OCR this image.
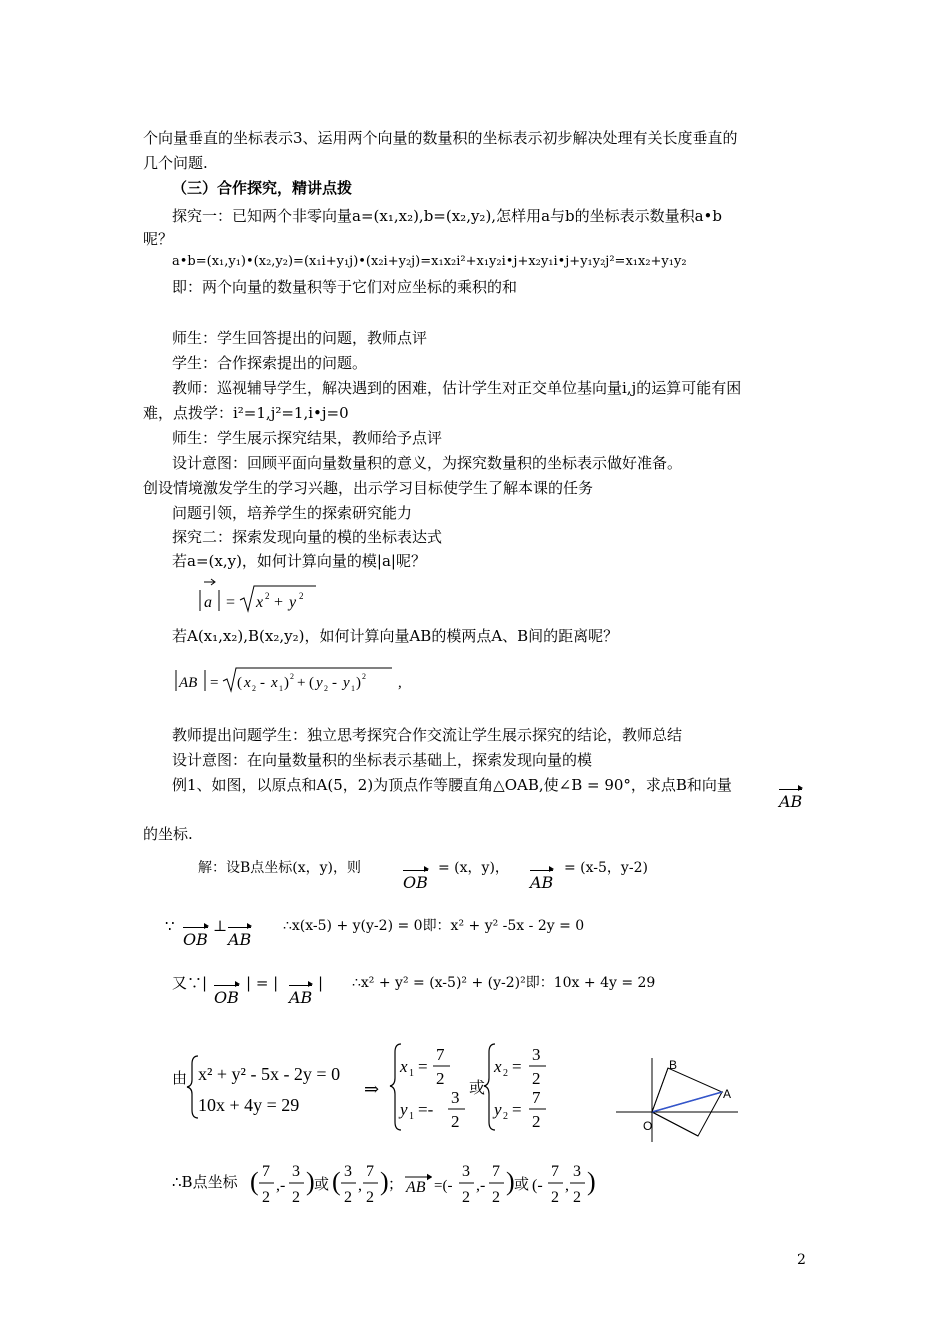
个向量垂直的坐标表示3、运用两个向量的数量积的坐标表示初步解决处理有关长度垂直的
几个问题.
（三）合作探究，精讲点拨
探究一：已知两个非零向量a=(x₁,x₂),b=(x₂,y₂),怎样用a与b的坐标表示数量积a•b
呢？
a•b=(x₁,y₁)•(x₂,y₂)=(x₁i+y₁j)•(x₂i+y₂j)=x₁x₂i²+x₁y₂i•j+x₂y₁i•j+y₁y₂j²=x₁x₂+y₁y₂
即：两个向量的数量积等于它们对应坐标的乘积的和
师生：学生回答提出的问题，教师点评
学生：合作探索提出的问题。
教师：巡视辅导学生，解决遇到的困难，估计学生对正交单位基向量i,j的运算可能有困
难，点拨学：i²=1,j²=1,i•j=0
师生：学生展示探究结果，教师给予点评
设计意图：回顾平面向量数量积的意义，为探究数量积的坐标表示做好准备。
创设情境激发学生的学习兴趣，出示学习目标使学生了解本课的任务
问题引领，培养学生的探索研究能力
探究二：探索发现向量的模的坐标表达式
若a=(x,y)，如何计算向量的模|a|呢？
a = x 2 + y 2
若A(x₁,x₂),B(x₂,y₂)，如何计算向量AB的模两点A、B间的距离呢？
AB = ( x 2 - x 1 ) 2 + ( y 2 - y 1 ) 2 ,
教师提出问题学生：独立思考探究合作交流让学生展示探究的结论，教师总结
设计意图：在向量数量积的坐标表示基础上，探索发现向量的模
例1、如图，以原点和A(5，2)为顶点作等腰直角△OAB,使∠B = 90°，求点B和向量
AB
的坐标.
解：设B点坐标(x，y)，则
OB
= (x，y)，
AB
= (x-5，y-2)
∵
OB
⊥
AB
∴x(x-5) + y(y-2) = 0即：x² + y² -5x - 2y = 0
又∵|
OB
| = |
AB
| ∴x² + y² = (x-5)² + (y-2)²即：10x + 4y = 29
由 x² + y² - 5x - 2y = 0
10x + 4y = 29
⇒
x 1 =
7
2
y 1 =-
3
2
或
x 2 =
3
2
y 2 =
7
2
B
A
O
∴B点坐标 ( 7
2
,-
3
2
) 或 ( 3
2
,
7
2
) ； AB =(-
3
2
,-
7
2
) 或 (-
7
2
,
3
2
)
2
